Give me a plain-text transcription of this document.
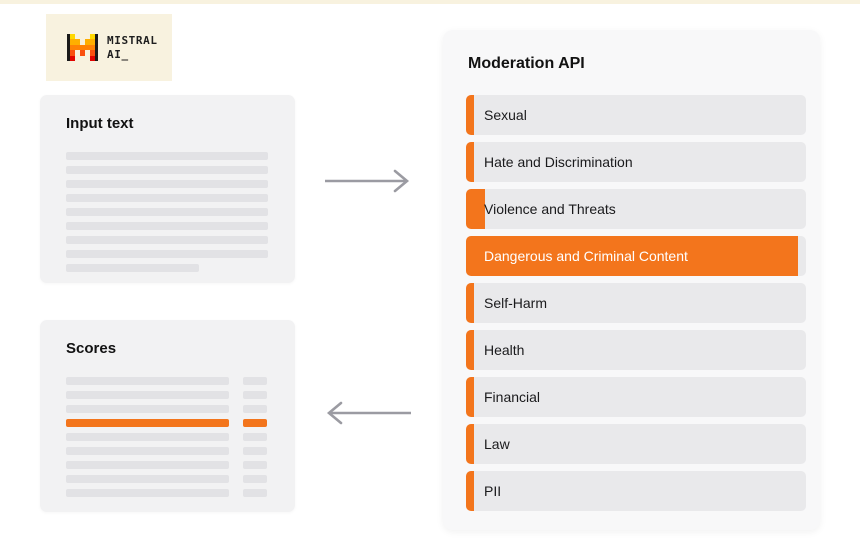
MISTRAL
AI_
Input text
Scores
Moderation API
Sexual
Hate and Discrimination
Violence and Threats
Dangerous and Criminal Content
Self-Harm
Health
Financial
Law
PII
